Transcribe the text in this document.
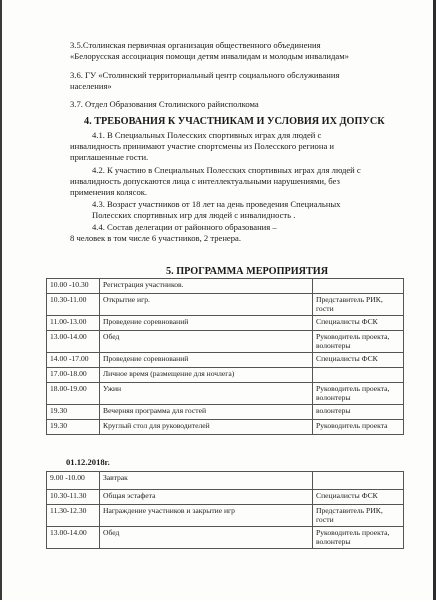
3.5.Столинская первичная организация общественного объединения
«Белорусская ассоциация помощи детям инвалидам и молодым инвалидам»
3.6. ГУ «Столинский территориальный центр социального обслуживания
населения»
3.7. Отдел Образования Столинского райисполкома
4. ТРЕБОВАНИЯ К УЧАСТНИКАМ И УСЛОВИЯ ИХ ДОПУСК
4.1. В Специальных Полесских спортивных играх для людей с
инвалидность принимают участие спортсмены из Полесского региона и
приглашенные гости.
4.2. К участию в Специальных Полесских спортивных играх для людей с
инвалидность допускаются лица с интеллектуальными нарушениями, без
применения колясок.
4.3. Возраст участников от 18 лет на день проведения Специальных
Полесских спортивных игр для людей с инвалидность .
4.4. Состав делегации от районного образования –
8 человек в том числе 6 участников, 2 тренера.
5. ПРОГРАММА МЕРОПРИЯТИЯ
10.00 -10.30	Регистрация участников.	
10.30-11.00	Открытие игр.	Представитель РИК, гости
11.00-13.00	Проведение соревнований	Специалисты ФСК
13.00-14.00	Обед	Руководитель проекта, волонтеры
14.00 -17.00	Проведение соревнований	Специалисты ФСК
17.00-18.00	Личное время (размещение для ночлега)	
18.00-19.00	Ужин	Руководитель проекта, волонтеры
19.30	Вечерняя программа для гостей	волонтеры
19.30	Круглый стол для руководителей	Руководитель проекта
01.12.2018г.
9.00 -10.00	Завтрак	
10.30-11.30	Общая эстафета	Специалисты ФСК
11.30-12.30	Награждение участников и закрытие игр	Представитель РИК, гости
13.00-14.00	Обед	Руководитель проекта, волонтеры
